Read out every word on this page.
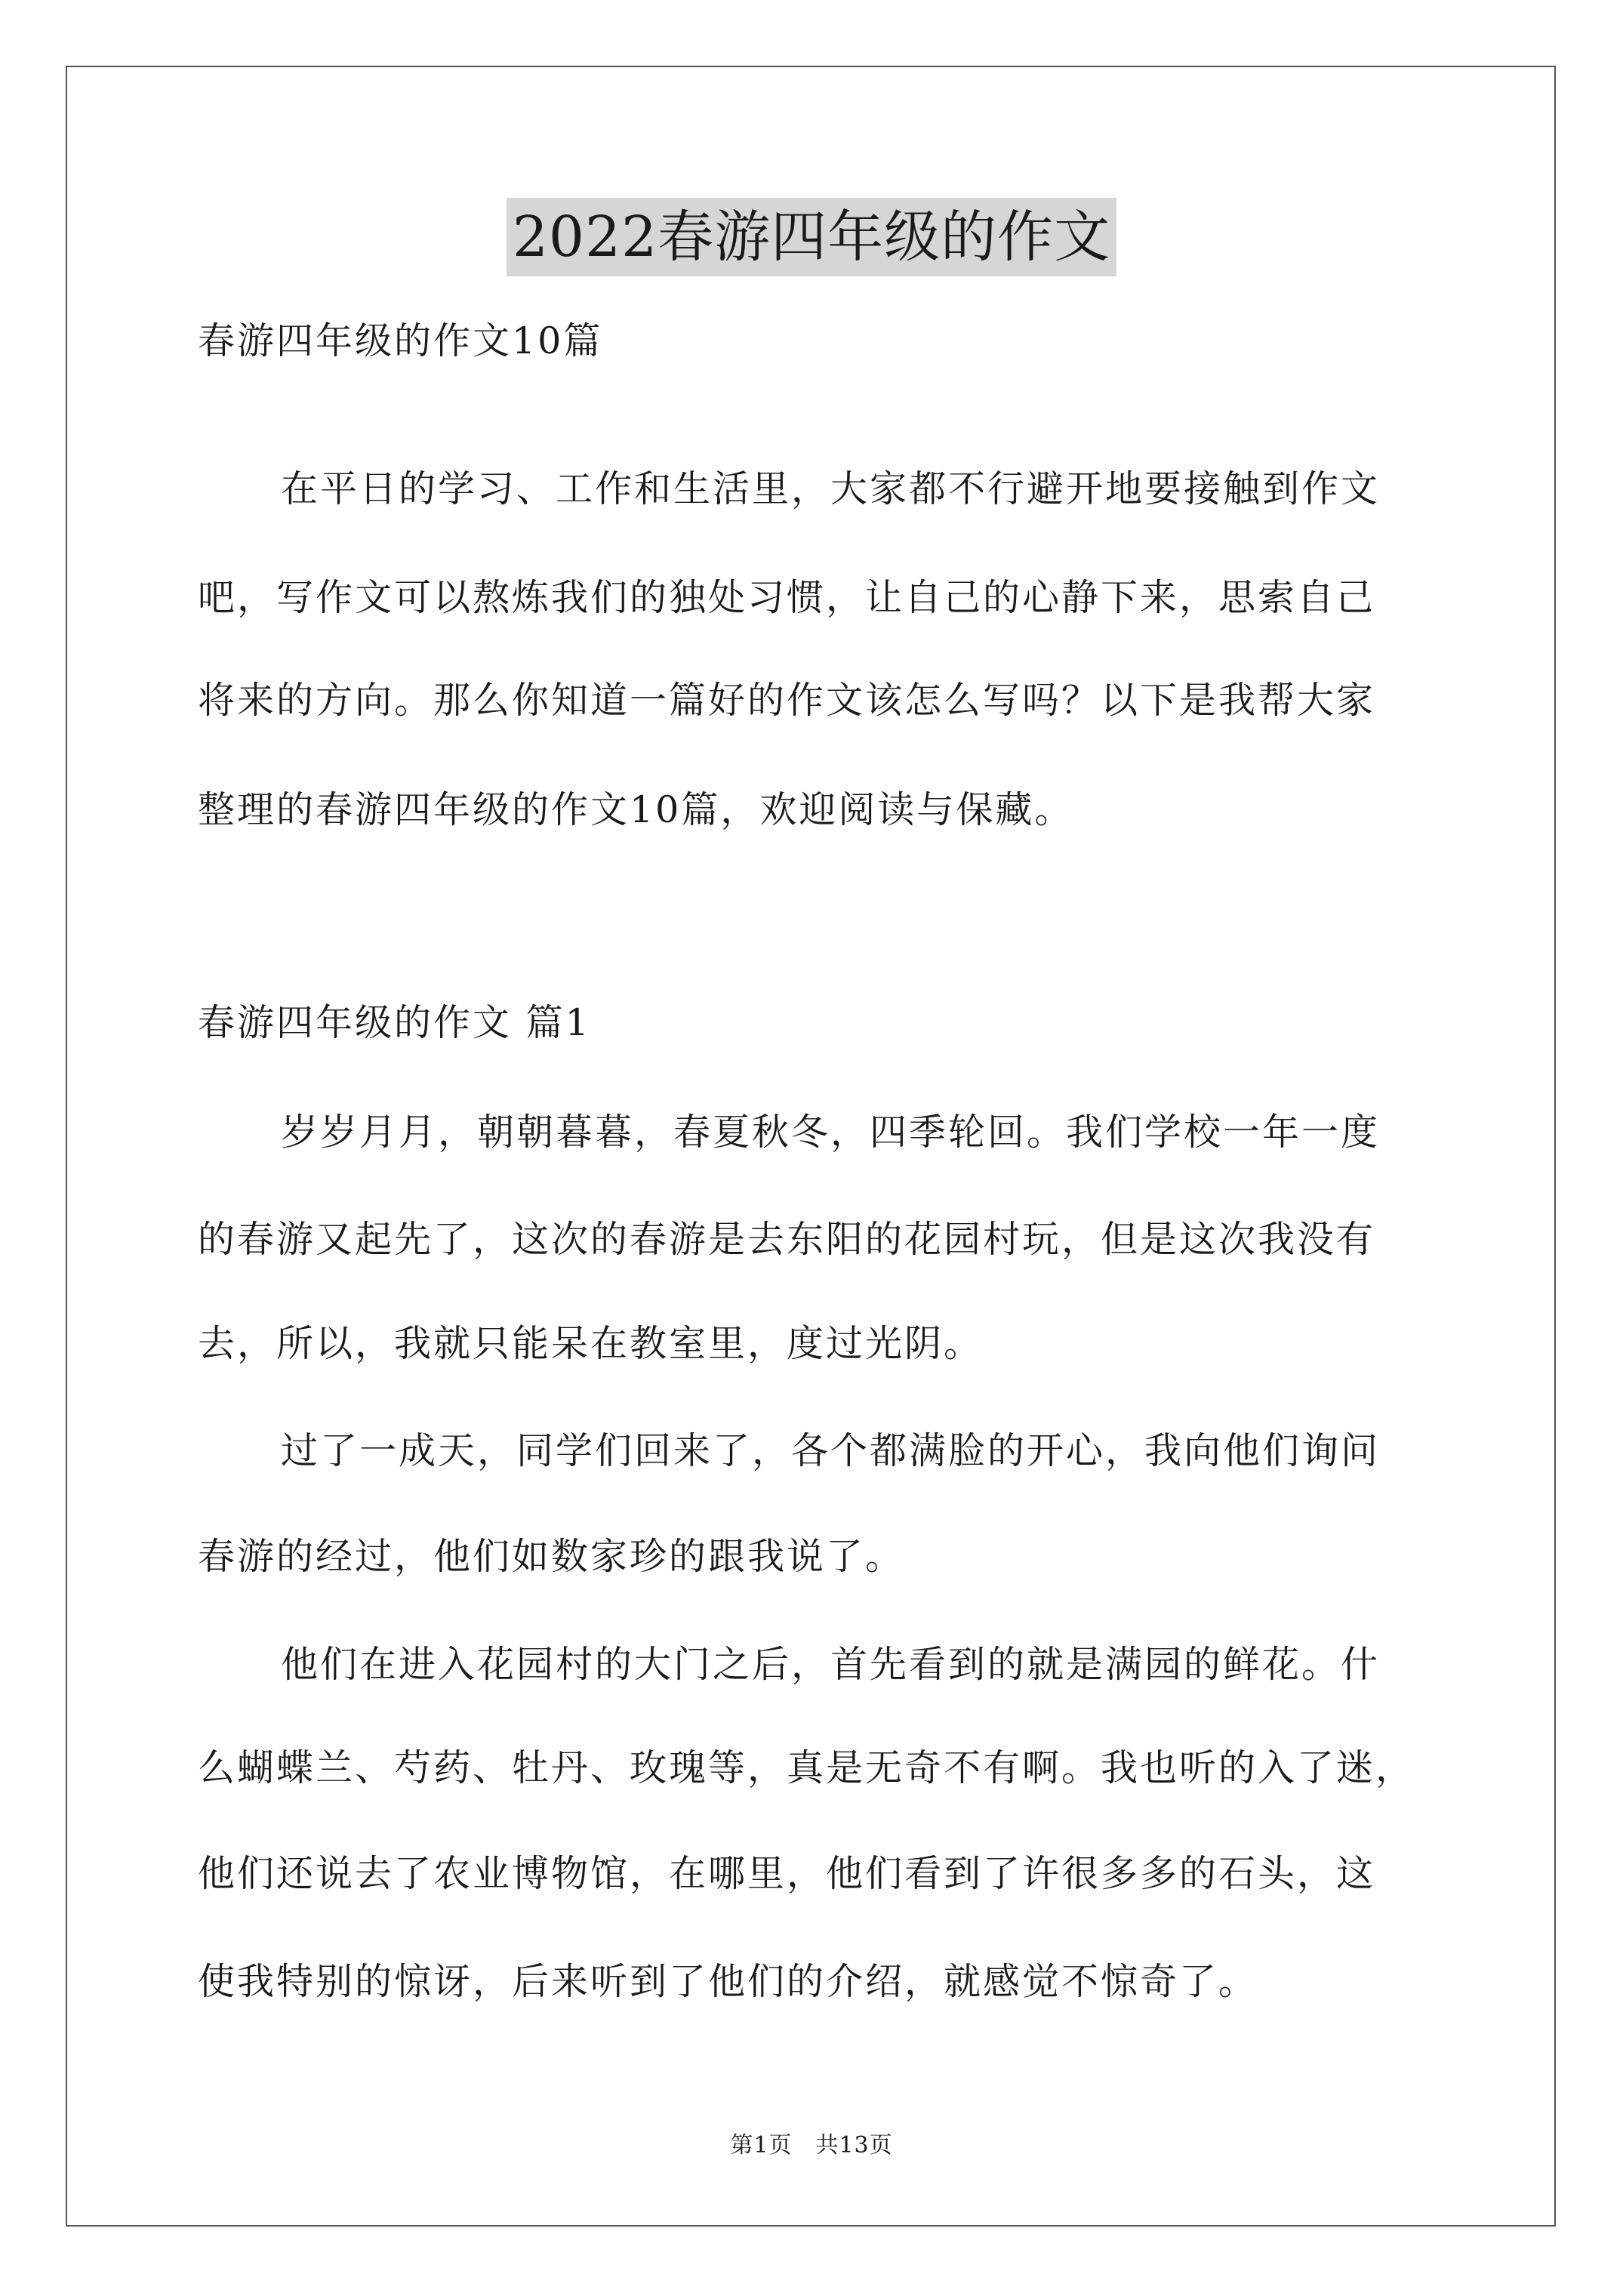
2022春游四年级的作文
春游四年级的作文10篇
在平日的学习、工作和生活里，大家都不行避开地要接触到作文
吧，写作文可以熬炼我们的独处习惯，让自己的心静下来，思索自己
将来的方向。那么你知道一篇好的作文该怎么写吗？以下是我帮大家
整理的春游四年级的作文10篇，欢迎阅读与保藏。
春游四年级的作文 篇1
岁岁月月，朝朝暮暮，春夏秋冬，四季轮回。我们学校一年一度
的春游又起先了，这次的春游是去东阳的花园村玩，但是这次我没有
去，所以，我就只能呆在教室里，度过光阴。
过了一成天，同学们回来了，各个都满脸的开心，我向他们询问
春游的经过，他们如数家珍的跟我说了。
他们在进入花园村的大门之后，首先看到的就是满园的鲜花。什
么蝴蝶兰、芍药、牡丹、玫瑰等，真是无奇不有啊。我也听的入了迷，
他们还说去了农业博物馆，在哪里，他们看到了许很多多的石头，这
使我特别的惊讶，后来听到了他们的介绍，就感觉不惊奇了。
第1页　共13页
